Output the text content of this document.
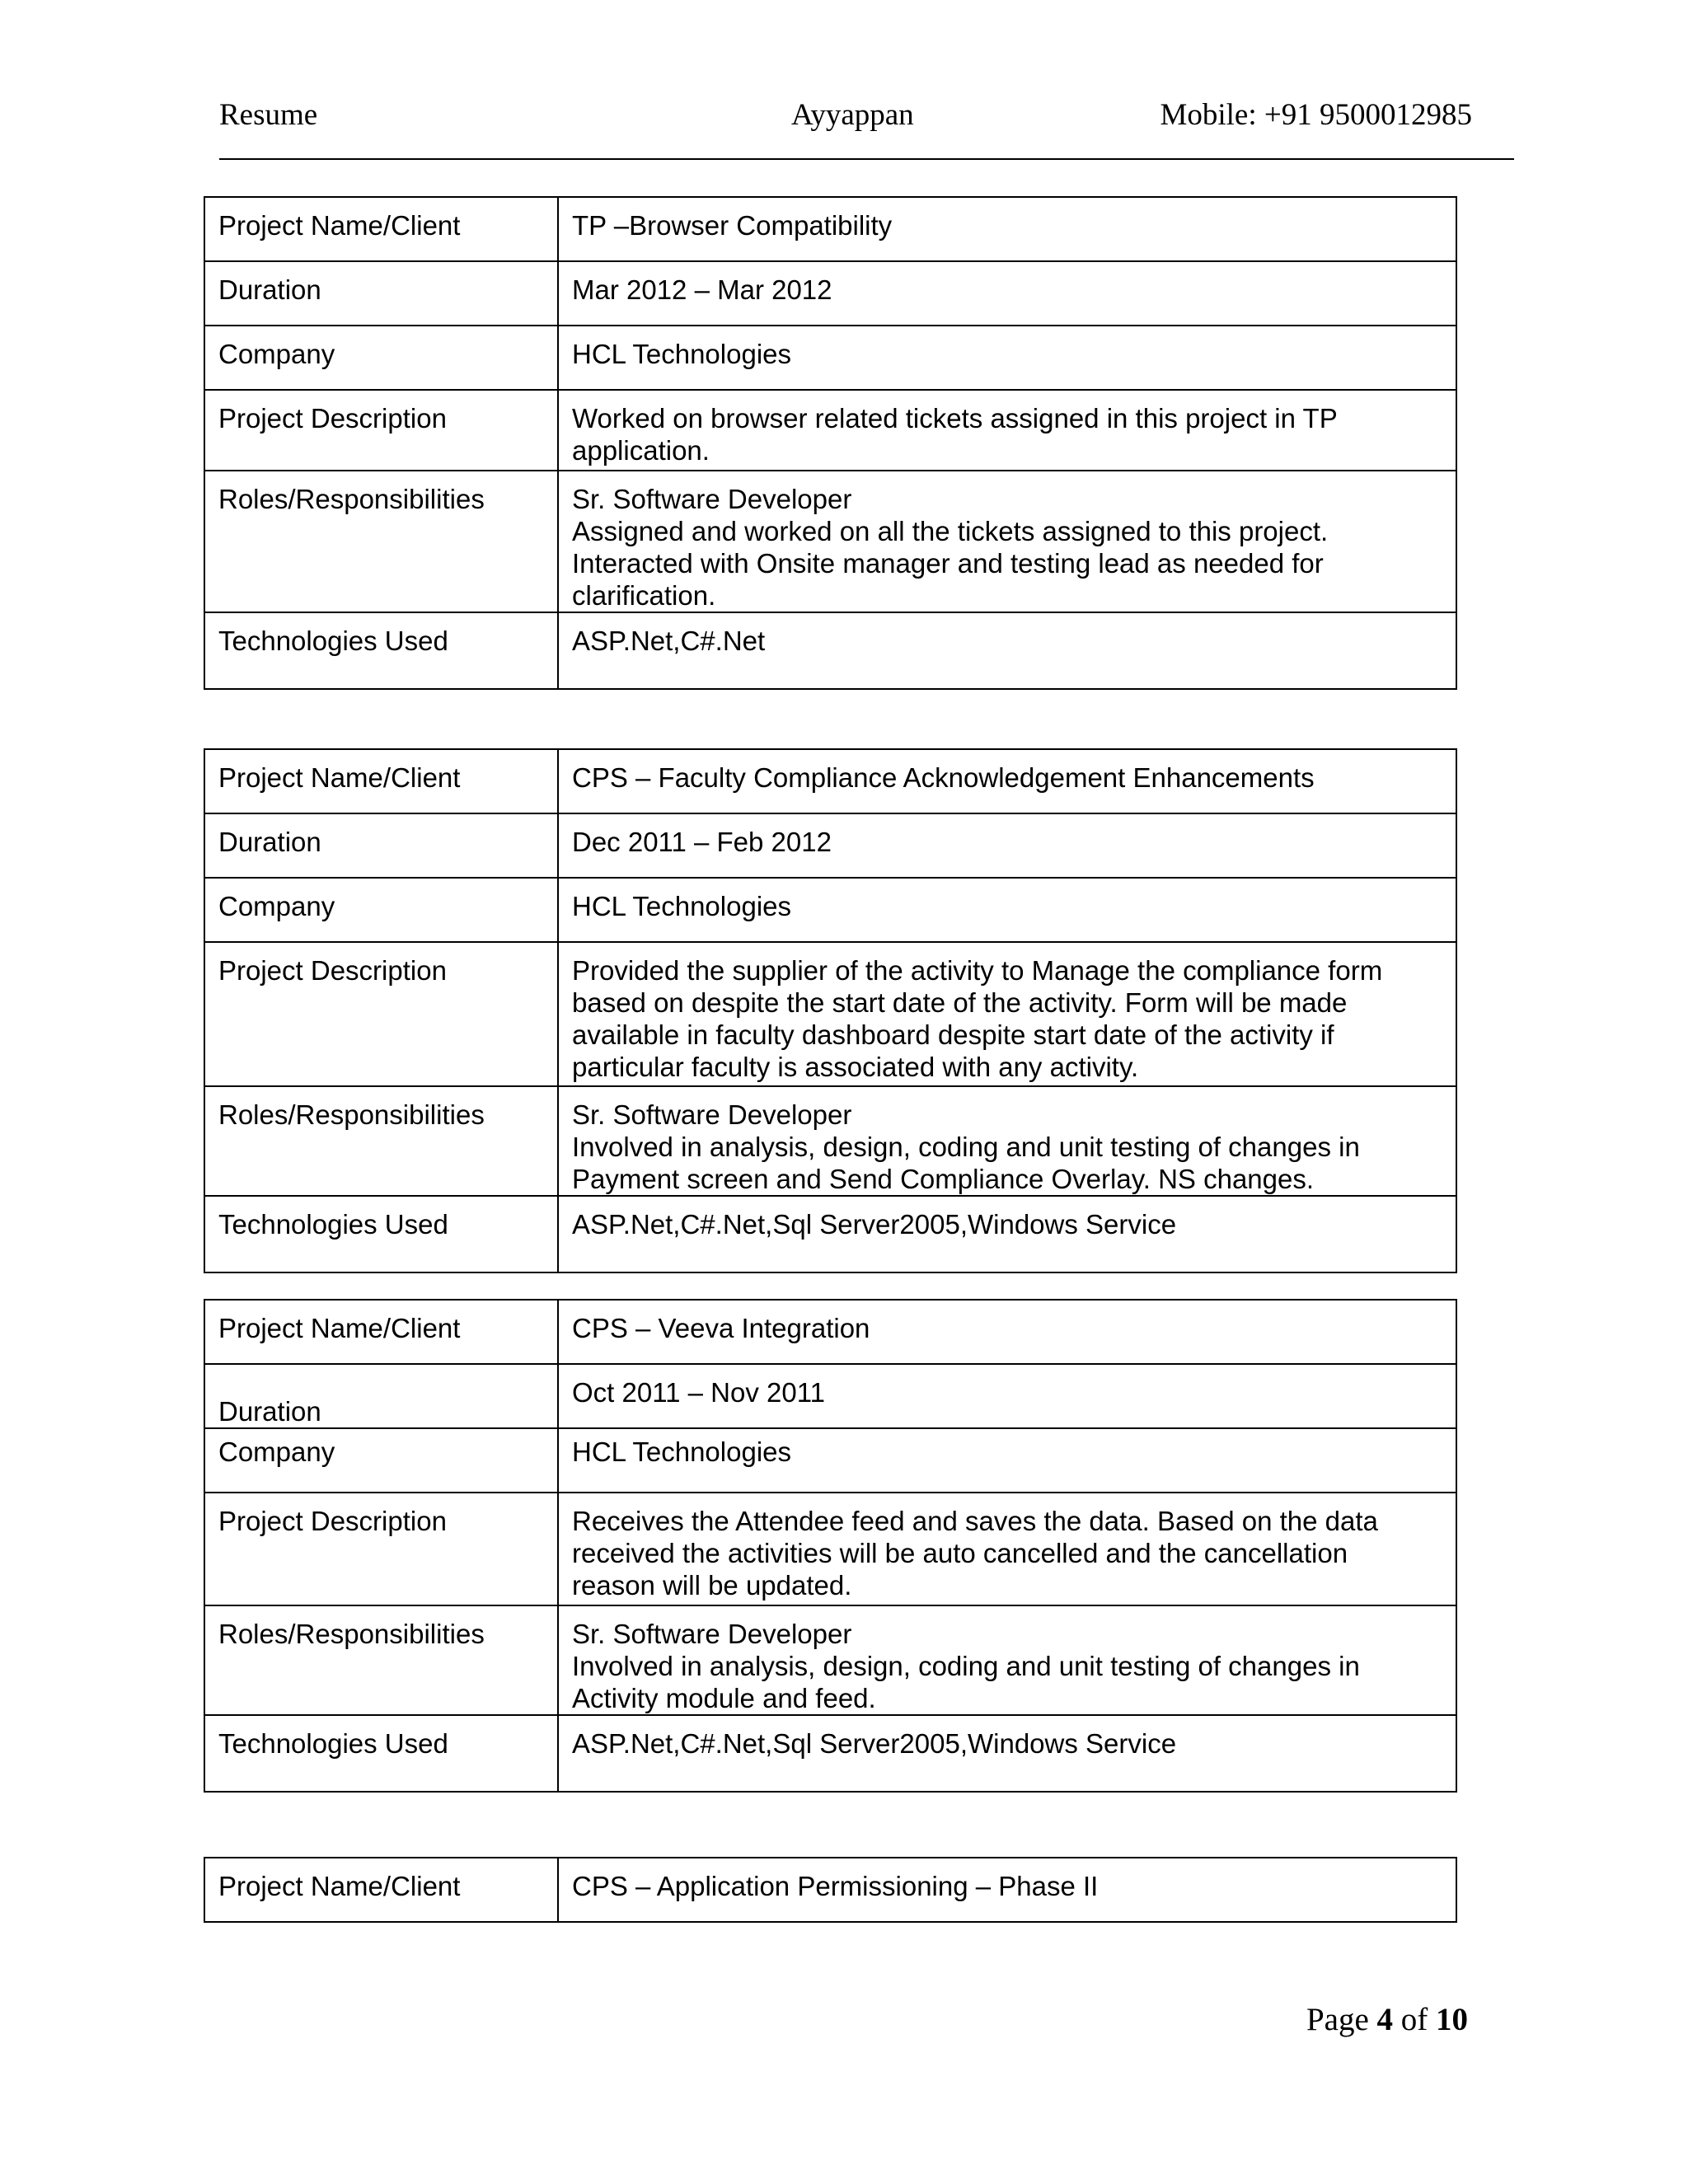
Resume	Ayyappan	Mobile: +91 9500012985
Project Name/Client	TP –Browser Compatibility
Duration	Mar 2012 – Mar 2012
Company	HCL Technologies
Project Description	Worked on browser related tickets assigned in this project in TP
application.

Roles/Responsibilities	Sr. Software Developer
Assigned and worked on all the tickets assigned to this project.
Interacted with Onsite manager and testing lead as needed for
clarification.

Technologies Used	ASP.Net,C#.Net
Project Name/Client	CPS – Faculty Compliance Acknowledgement Enhancements
Duration	Dec 2011 – Feb 2012
Company	HCL Technologies
Project Description	Provided the supplier of the activity to Manage the compliance form
based on despite the start date of the activity. Form will be made
available in faculty dashboard despite start date of the activity if
particular faculty is associated with any activity.

Roles/Responsibilities	Sr. Software Developer
Involved in analysis, design, coding and unit testing of changes in
Payment screen and Send Compliance Overlay. NS changes.

Technologies Used	ASP.Net,C#.Net,Sql Server2005,Windows Service
Project Name/Client	CPS – Veeva Integration
Duration	Oct 2011 – Nov 2011
Company	HCL Technologies
Project Description	Receives the Attendee feed and saves the data. Based on the data
received the activities will be auto cancelled and the cancellation
reason will be updated.

Roles/Responsibilities	Sr. Software Developer
Involved in analysis, design, coding and unit testing of changes in
Activity module and feed.

Technologies Used	ASP.Net,C#.Net,Sql Server2005,Windows Service
Project Name/Client	CPS – Application Permissioning – Phase II
Page 4 of 10
